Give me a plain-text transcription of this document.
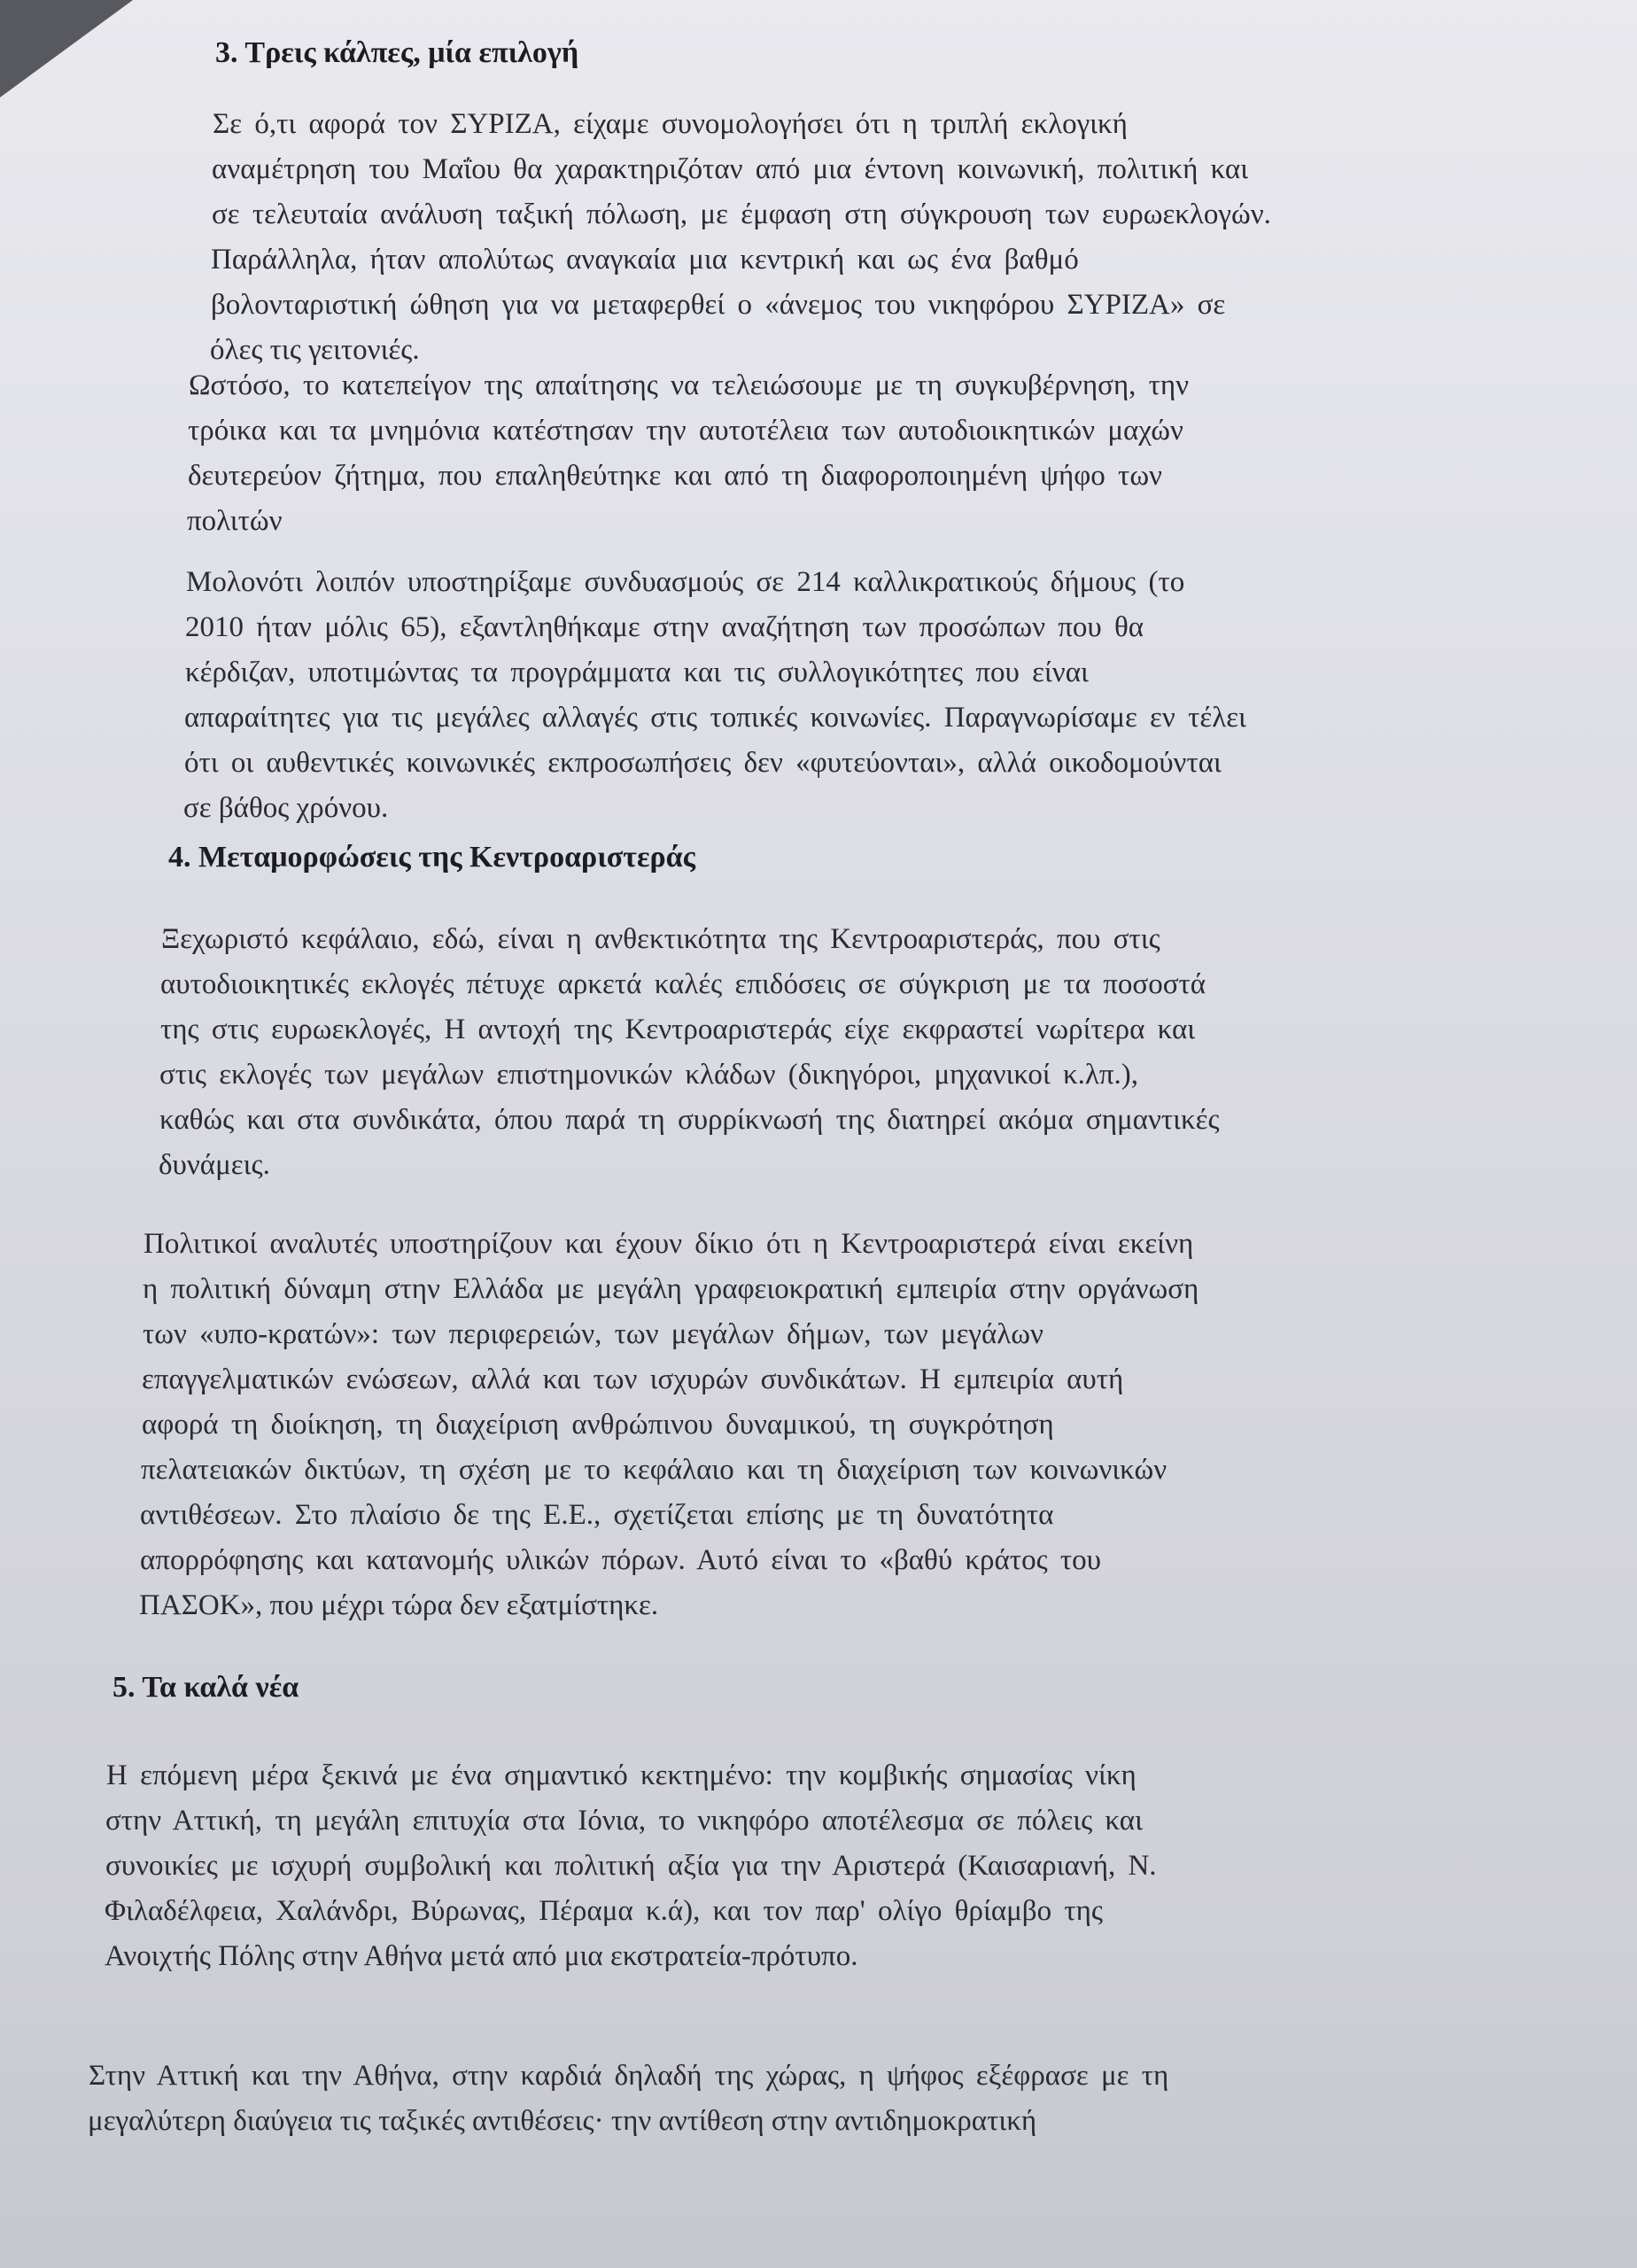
3. Τρεις κάλπες, μία επιλογή
Σε ό,τι αφορά τον ΣΥΡΙΖΑ, είχαμε συνομολογήσει ότι η τριπλή εκλογική
αναμέτρηση του Μαΐου θα χαρακτηριζόταν από μια έντονη κοινωνική, πολιτική και
σε τελευταία ανάλυση ταξική πόλωση, με έμφαση στη σύγκρουση των ευρωεκλογών.
Παράλληλα, ήταν απολύτως αναγκαία μια κεντρική και ως ένα βαθμό
βολονταριστική ώθηση για να μεταφερθεί ο «άνεμος του νικηφόρου ΣΥΡΙΖΑ» σε
όλες τις γειτονιές.
Ωστόσο, το κατεπείγον της απαίτησης να τελειώσουμε με τη συγκυβέρνηση, την
τρόικα και τα μνημόνια κατέστησαν την αυτοτέλεια των αυτοδιοικητικών μαχών
δευτερεύον ζήτημα, που επαληθεύτηκε και από τη διαφοροποιημένη ψήφο των
πολιτών
Μολονότι λοιπόν υποστηρίξαμε συνδυασμούς σε 214 καλλικρατικούς δήμους (το
2010 ήταν μόλις 65), εξαντληθήκαμε στην αναζήτηση των προσώπων που θα
κέρδιζαν, υποτιμώντας τα προγράμματα και τις συλλογικότητες που είναι
απαραίτητες για τις μεγάλες αλλαγές στις τοπικές κοινωνίες. Παραγνωρίσαμε εν τέλει
ότι οι αυθεντικές κοινωνικές εκπροσωπήσεις δεν «φυτεύονται», αλλά οικοδομούνται
σε βάθος χρόνου.
4. Μεταμορφώσεις της Κεντροαριστεράς
Ξεχωριστό κεφάλαιο, εδώ, είναι η ανθεκτικότητα της Κεντροαριστεράς, που στις
αυτοδιοικητικές εκλογές πέτυχε αρκετά καλές επιδόσεις σε σύγκριση με τα ποσοστά
της στις ευρωεκλογές, Η αντοχή της Κεντροαριστεράς είχε εκφραστεί νωρίτερα και
στις εκλογές των μεγάλων επιστημονικών κλάδων (δικηγόροι, μηχανικοί κ.λπ.),
καθώς και στα συνδικάτα, όπου παρά τη συρρίκνωσή της διατηρεί ακόμα σημαντικές
δυνάμεις.
Πολιτικοί αναλυτές υποστηρίζουν και έχουν δίκιο ότι η Κεντροαριστερά είναι εκείνη
η πολιτική δύναμη στην Ελλάδα με μεγάλη γραφειοκρατική εμπειρία στην οργάνωση
των «υπο-κρατών»: των περιφερειών, των μεγάλων δήμων, των μεγάλων
επαγγελματικών ενώσεων, αλλά και των ισχυρών συνδικάτων. Η εμπειρία αυτή
αφορά τη διοίκηση, τη διαχείριση ανθρώπινου δυναμικού, τη συγκρότηση
πελατειακών δικτύων, τη σχέση με το κεφάλαιο και τη διαχείριση των κοινωνικών
αντιθέσεων. Στο πλαίσιο δε της Ε.Ε., σχετίζεται επίσης με τη δυνατότητα
απορρόφησης και κατανομής υλικών πόρων. Αυτό είναι το «βαθύ κράτος του
ΠΑΣΟΚ», που μέχρι τώρα δεν εξατμίστηκε.
5. Τα καλά νέα
Η επόμενη μέρα ξεκινά με ένα σημαντικό κεκτημένο: την κομβικής σημασίας νίκη
στην Αττική, τη μεγάλη επιτυχία στα Ιόνια, το νικηφόρο αποτέλεσμα σε πόλεις και
συνοικίες με ισχυρή συμβολική και πολιτική αξία για την Αριστερά (Καισαριανή, Ν.
Φιλαδέλφεια, Χαλάνδρι, Βύρωνας, Πέραμα κ.ά), και τον παρ' ολίγο θρίαμβο της
Ανοιχτής Πόλης στην Αθήνα μετά από μια εκστρατεία-πρότυπο.
Στην Αττική και την Αθήνα, στην καρδιά δηλαδή της χώρας, η ψήφος εξέφρασε με τη
μεγαλύτερη διαύγεια τις ταξικές αντιθέσεις· την αντίθεση στην αντιδημοκρατική
